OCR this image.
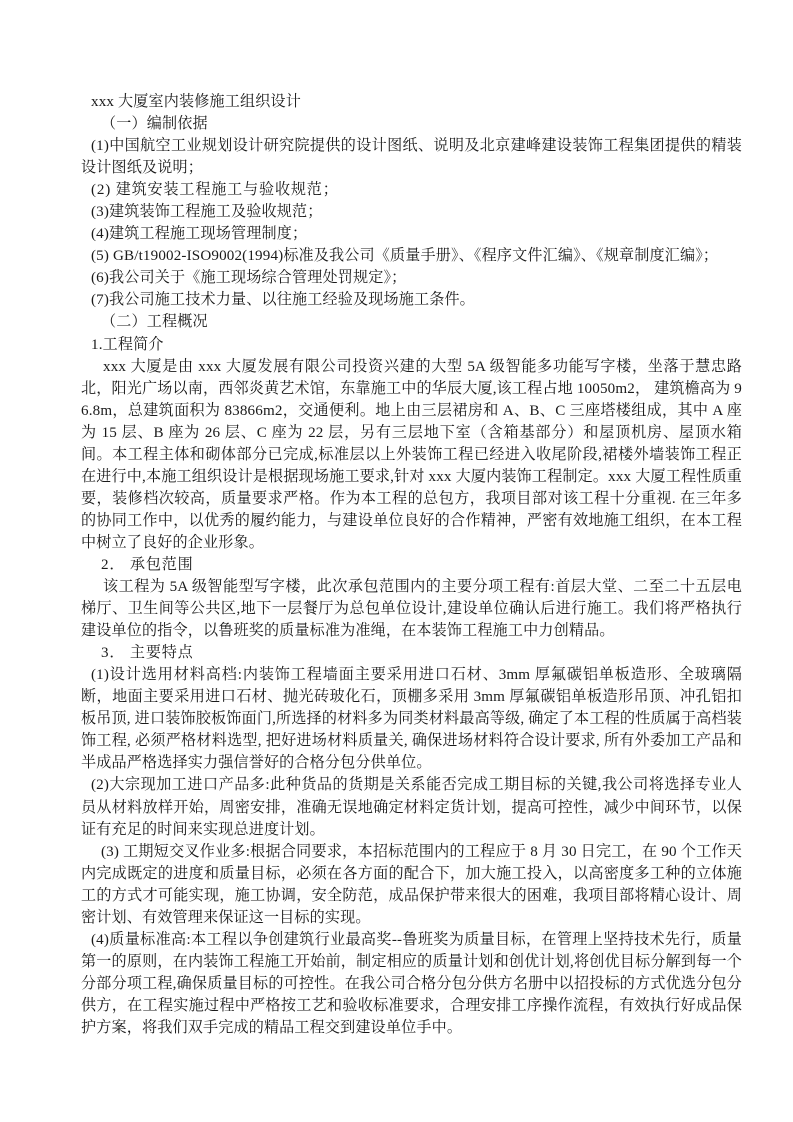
xxx 大厦室内装修施工组织设计

（一）编制依据

(1)中国航空工业规划设计研究院提供的设计图纸、说明及北京建峰建设装饰工程集团提供的精装设计图纸及说明；

(2) 建筑安装工程施工与验收规范；

(3)建筑装饰工程施工及验收规范；

(4)建筑工程施工现场管理制度；

(5) GB/t19002-ISO9002(1994)标准及我公司《质量手册》、《程序文件汇编》、《规章制度汇编》；

(6)我公司关于《施工现场综合管理处罚规定》；

(7)我公司施工技术力量、以往施工经验及现场施工条件。

（二）工程概况

1.工程简介

xxx 大厦是由 xxx 大厦发展有限公司投资兴建的大型 5A 级智能多功能写字楼，坐落于慧忠路北，阳光广场以南，西邻炎黄艺术馆，东靠施工中的华辰大厦,该工程占地 10050m2， 建筑檐高为 96.8m，总建筑面积为 83866m2，交通便利。地上由三层裙房和 A、B、C 三座塔楼组成，其中 A 座为 15 层、B 座为 26 层、C 座为 22 层，另有三层地下室（含箱基部分）和屋顶机房、屋顶水箱间。本工程主体和砌体部分已完成,标准层以上外装饰工程已经进入收尾阶段,裙楼外墙装饰工程正在进行中,本施工组织设计是根据现场施工要求,针对 xxx 大厦内装饰工程制定。xxx 大厦工程性质重要，装修档次较高，质量要求严格。作为本工程的总包方，我项目部对该工程十分重视. 在三年多的协同工作中，以优秀的履约能力，与建设单位良好的合作精神，严密有效地施工组织，在本工程中树立了良好的企业形象。

2． 承包范围

该工程为 5A 级智能型写字楼，此次承包范围内的主要分项工程有:首层大堂、二至二十五层电梯厅、卫生间等公共区,地下一层餐厅为总包单位设计,建设单位确认后进行施工。我们将严格执行建设单位的指令，以鲁班奖的质量标准为准绳，在本装饰工程施工中力创精品。

3． 主要特点

(1)设计选用材料高档:内装饰工程墙面主要采用进口石材、3mm 厚氟碳铝单板造形、全玻璃隔断，地面主要采用进口石材、抛光砖玻化石，顶棚多采用 3mm 厚氟碳铝单板造形吊顶、冲孔铝扣板吊顶, 进口装饰胶板饰面门,所选择的材料多为同类材料最高等级, 确定了本工程的性质属于高档装饰工程, 必须严格材料选型, 把好进场材料质量关, 确保进场材料符合设计要求, 所有外委加工产品和半成品严格选择实力强信誉好的合格分包分供单位。

(2)大宗现加工进口产品多:此种货品的货期是关系能否完成工期目标的关键,我公司将选择专业人员从材料放样开始，周密安排，准确无误地确定材料定货计划，提高可控性，减少中间环节，以保证有充足的时间来实现总进度计划。

(3) 工期短交叉作业多:根据合同要求，本招标范围内的工程应于 8 月 30 日完工，在 90 个工作天内完成既定的进度和质量目标，必须在各方面的配合下，加大施工投入，以高密度多工种的立体施工的方式才可能实现，施工协调，安全防范，成品保护带来很大的困难，我项目部将精心设计、周密计划、有效管理来保证这一目标的实现。

(4)质量标准高:本工程以争创建筑行业最高奖--鲁班奖为质量目标，在管理上坚持技术先行，质量第一的原则，在内装饰工程施工开始前，制定相应的质量计划和创优计划,将创优目标分解到每一个分部分项工程,确保质量目标的可控性。在我公司合格分包分供方名册中以招投标的方式优选分包分供方，在工程实施过程中严格按工艺和验收标准要求，合理安排工序操作流程，有效执行好成品保护方案，将我们双手完成的精品工程交到建设单位手中。
